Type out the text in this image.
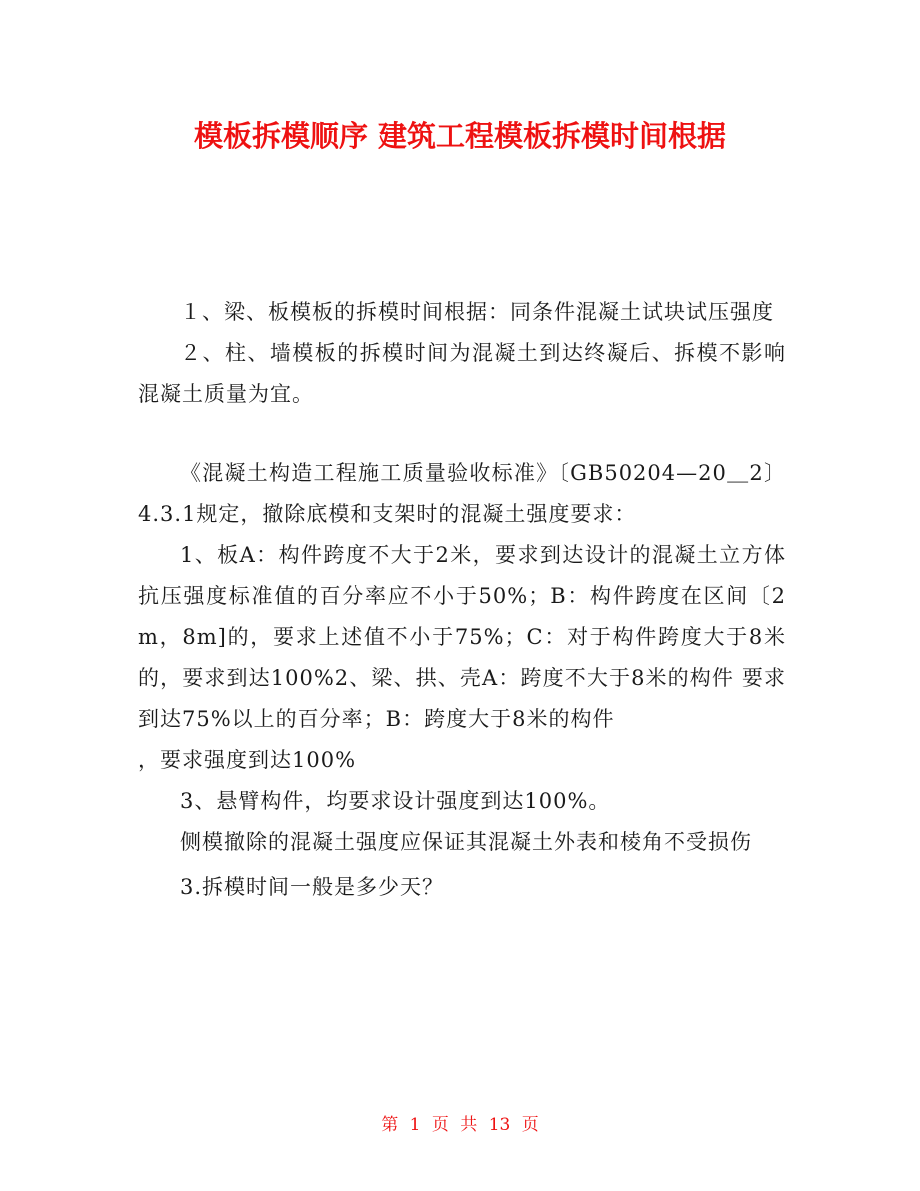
模板拆模顺序 建筑工程模板拆模时间根据

１、梁、板模板的拆模时间根据：同条件混凝土试块试压强度

２、柱、墙模板的拆模时间为混凝土到达终凝后、拆模不影响混凝土质量为宜。

《混凝土构造工程施工质量验收标准》〔GB50204—20＿2〕4.3.1规定，撤除底模和支架时的混凝土强度要求：

1、板A：构件跨度不大于2米，要求到达设计的混凝土立方体抗压强度标准值的百分率应不小于50%；B：构件跨度在区间〔2m，8m]的，要求上述值不小于75%；C：对于构件跨度大于8米的，要求到达100%2、梁、拱、壳A：跨度不大于8米的构件 要求到达75%以上的百分率；B：跨度大于8米的构件

，要求强度到达100%

3、悬臂构件，均要求设计强度到达100%。

侧模撤除的混凝土强度应保证其混凝土外表和棱角不受损伤

3.拆模时间一般是多少天？

第 1 页 共 13 页
